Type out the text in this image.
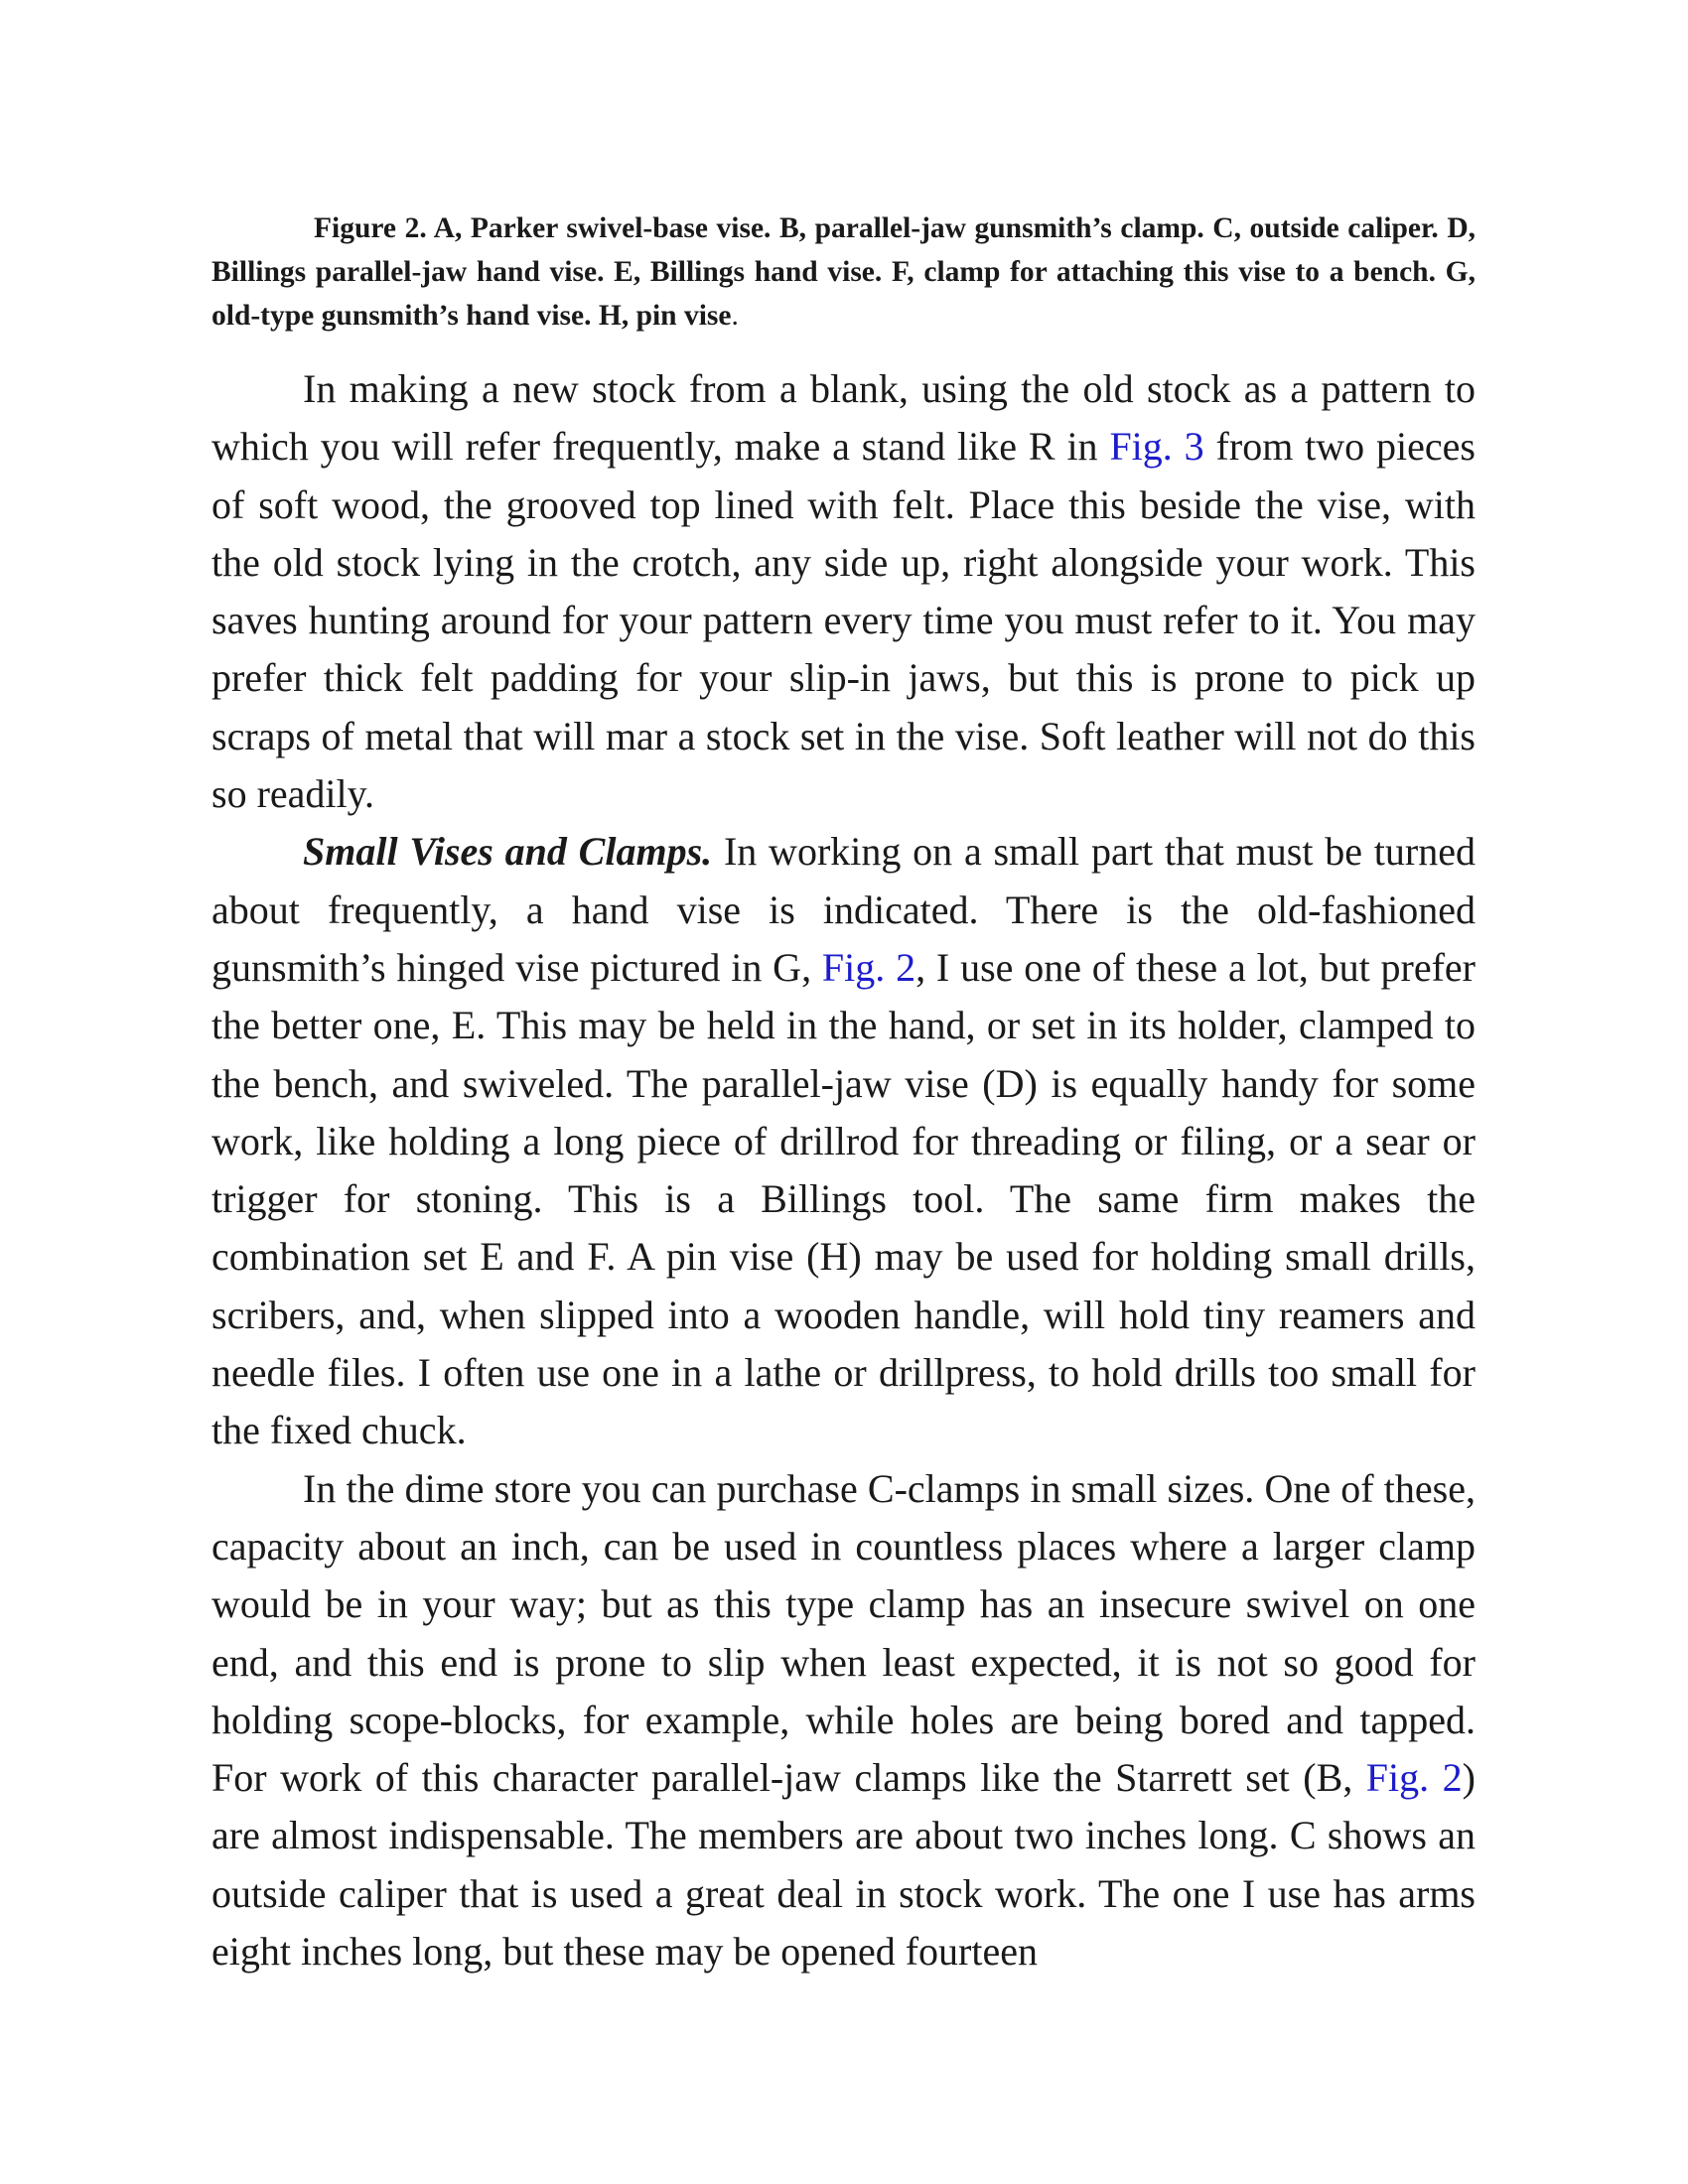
Figure 2. A, Parker swivel-base vise. B, parallel-jaw gunsmith’s clamp. C, outside caliper. D, Billings parallel-jaw hand vise. E, Billings hand vise. F, clamp for attaching this vise to a bench. G, old-type gunsmith’s hand vise. H, pin vise.

In making a new stock from a blank, using the old stock as a pattern to which you will refer frequently, make a stand like R in Fig. 3 from two pieces of soft wood, the grooved top lined with felt. Place this beside the vise, with the old stock lying in the crotch, any side up, right alongside your work. This saves hunting around for your pattern every time you must refer to it. You may prefer thick felt padding for your slip-in jaws, but this is prone to pick up scraps of metal that will mar a stock set in the vise. Soft leather will not do this so readily.

Small Vises and Clamps. In working on a small part that must be turned about frequently, a hand vise is indicated. There is the old-fashioned gunsmith’s hinged vise pictured in G, Fig. 2, I use one of these a lot, but prefer the better one, E. This may be held in the hand, or set in its holder, clamped to the bench, and swiveled. The parallel-jaw vise (D) is equally handy for some work, like holding a long piece of drillrod for threading or filing, or a sear or trigger for stoning. This is a Billings tool. The same firm makes the combination set E and F. A pin vise (H) may be used for holding small drills, scribers, and, when slipped into a wooden handle, will hold tiny reamers and needle files. I often use one in a lathe or drillpress, to hold drills too small for the fixed chuck.

In the dime store you can purchase C-clamps in small sizes. One of these, capacity about an inch, can be used in countless places where a larger clamp would be in your way; but as this type clamp has an insecure swivel on one end, and this end is prone to slip when least expected, it is not so good for holding scope-blocks, for example, while holes are being bored and tapped. For work of this character parallel-jaw clamps like the Starrett set (B, Fig. 2) are almost indispensable. The members are about two inches long. C shows an outside caliper that is used a great deal in stock work. The one I use has arms eight inches long, but these may be opened fourteen
